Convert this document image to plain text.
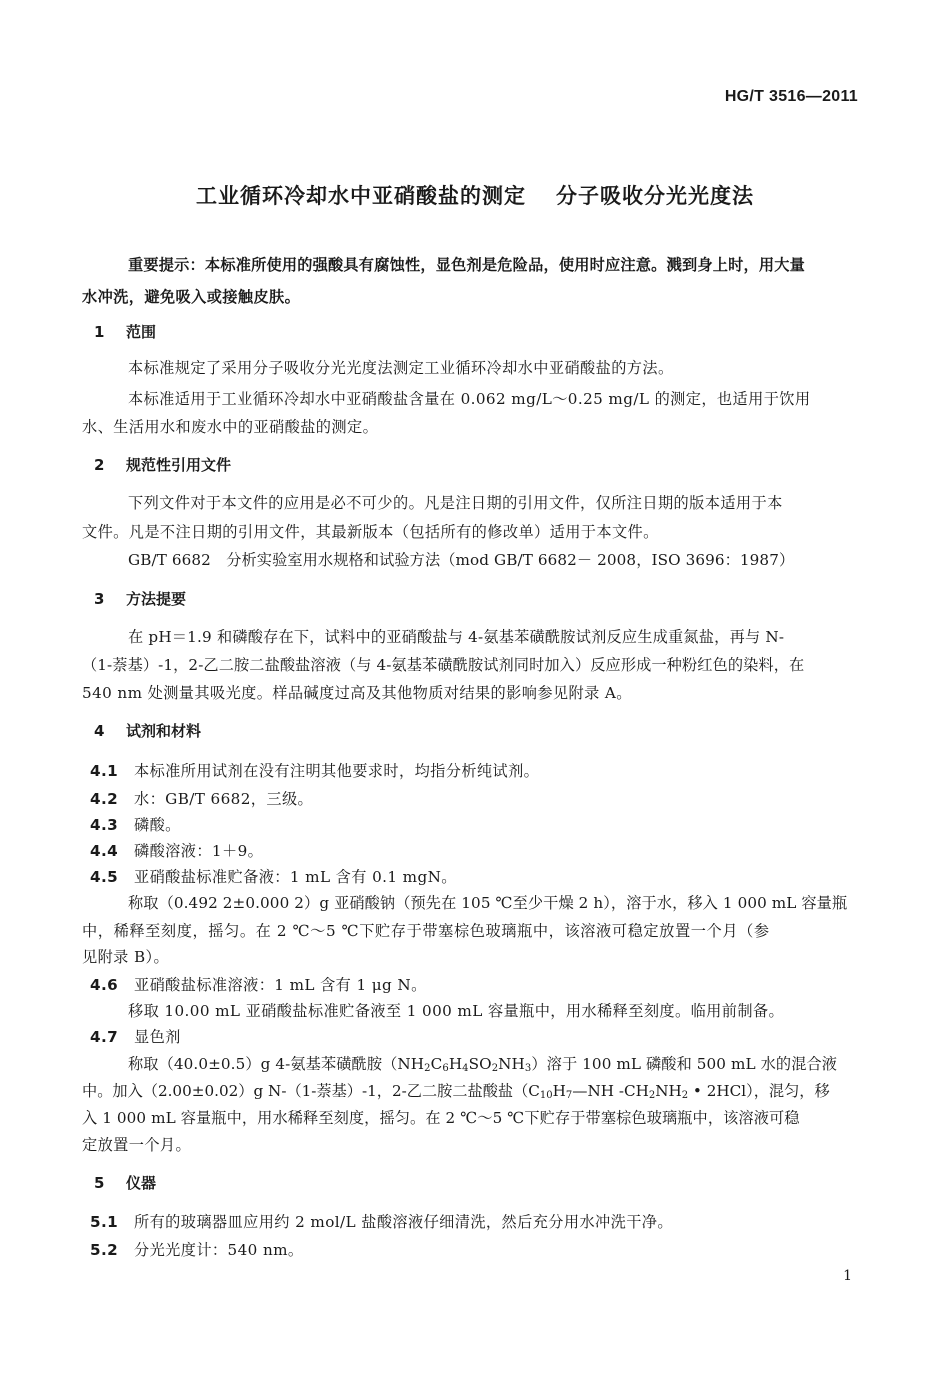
HG/T 3516—2011
工业循环冷却水中亚硝酸盐的测定 分子吸收分光光度法
重要提示：本标准所使用的强酸具有腐蚀性，显色剂是危险品，使用时应注意。溅到身上时，用大量
水冲洗，避免吸入或接触皮肤。
1 范围
本标准规定了采用分子吸收分光光度法测定工业循环冷却水中亚硝酸盐的方法。
本标准适用于工业循环冷却水中亚硝酸盐含量在 0.062 mg/L～0.25 mg/L 的测定，也适用于饮用
水、生活用水和废水中的亚硝酸盐的测定。
2 规范性引用文件
下列文件对于本文件的应用是必不可少的。凡是注日期的引用文件，仅所注日期的版本适用于本
文件。凡是不注日期的引用文件，其最新版本（包括所有的修改单）适用于本文件。
GB/T 6682　分析实验室用水规格和试验方法（mod GB/T 6682－ 2008，ISO 3696：1987）
3 方法提要
在 pH＝1.9 和磷酸存在下，试料中的亚硝酸盐与 4-氨基苯磺酰胺试剂反应生成重氮盐，再与 N-
（1-萘基）-1，2-乙二胺二盐酸盐溶液（与 4-氨基苯磺酰胺试剂同时加入）反应形成一种粉红色的染料，在
540 nm 处测量其吸光度。样品碱度过高及其他物质对结果的影响参见附录 A。
4 试剂和材料
4.1 本标准所用试剂在没有注明其他要求时，均指分析纯试剂。
4.2 水：GB/T 6682，三级。
4.3 磷酸。
4.4 磷酸溶液：1＋9。
4.5 亚硝酸盐标准贮备液：1 mL 含有 0.1 mgN。
称取（0.492 2±0.000 2）g 亚硝酸钠（预先在 105 ℃至少干燥 2 h），溶于水，移入 1 000 mL 容量瓶
中，稀释至刻度，摇匀。在 2 ℃～5 ℃下贮存于带塞棕色玻璃瓶中，该溶液可稳定放置一个月（参
见附录 B）。
4.6 亚硝酸盐标准溶液：1 mL 含有 1 μg N。
移取 10.00 mL 亚硝酸盐标准贮备液至 1 000 mL 容量瓶中，用水稀释至刻度。临用前制备。
4.7 显色剂
称取（40.0±0.5）g 4-氨基苯磺酰胺$(NH_2C_6H_4SO_2NH_3)$溶于 100 mL 磷酸和 500 mL 水的混合液
中。加入（2.00±0.02）g N-（1-萘基）-1，2-乙二胺二盐酸盐（$C_{10}H_7—NH$ $-CH_2NH_2$ • 2HCl），混匀，移
入 1 000 mL 容量瓶中，用水稀释至刻度，摇匀。在 2 ℃～5 ℃下贮存于带塞棕色玻璃瓶中，该溶液可稳
定放置一个月。
5 仪器
5.1 所有的玻璃器皿应用约 2 mol/L 盐酸溶液仔细清洗，然后充分用水冲洗干净。
5.2 分光光度计：540 nm。
1
